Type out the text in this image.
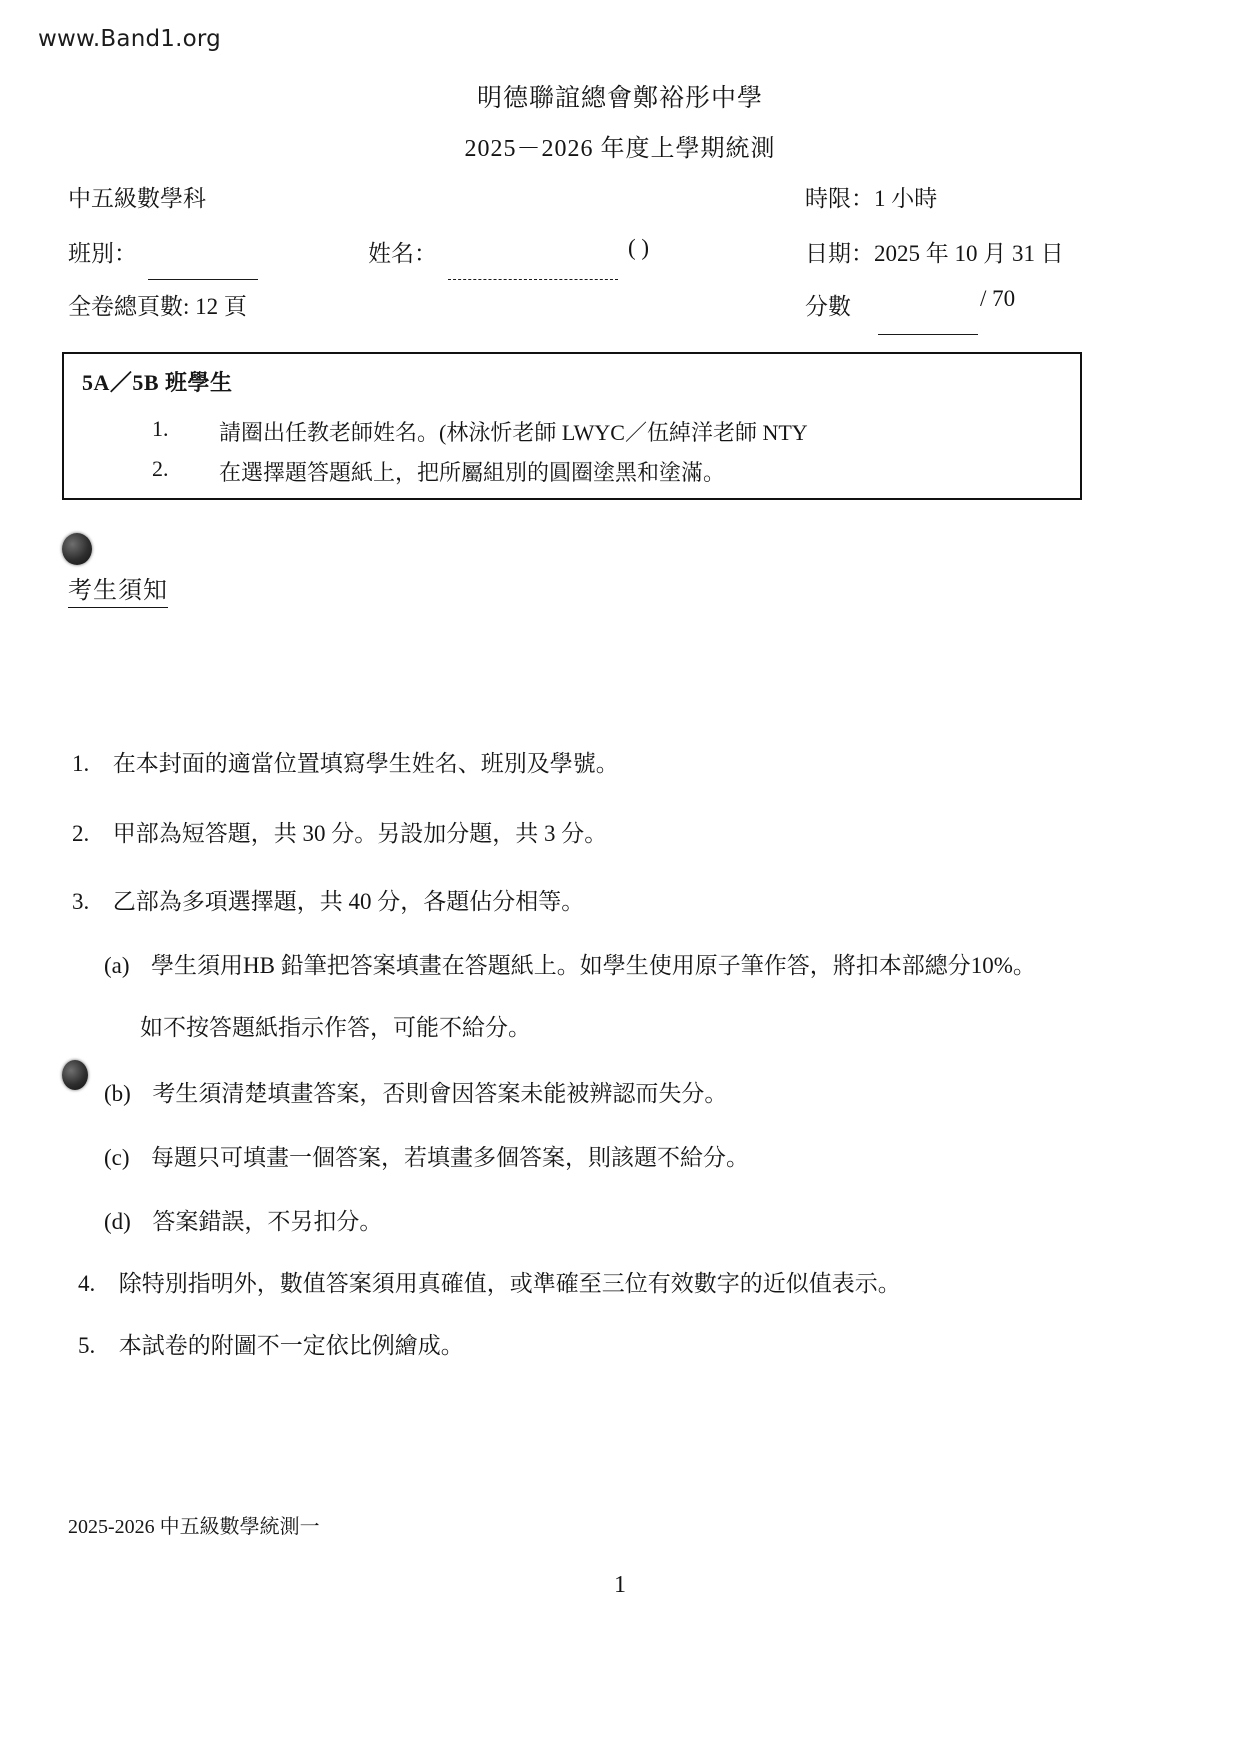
www.Band1.org
明德聯誼總會鄭裕彤中學
2025－2026 年度上學期統測
中五級數學科	時限：1 小時
班別：	姓名：	( )	日期：2025 年 10 月 31 日
全卷總頁數: 12 頁	分數	/ 70
5A／5B 班學生
1. 請圈出任教老師姓名。(林泳忻老師 LWYC／伍綽洋老師 NTY
2. 在選擇題答題紙上，把所屬組別的圓圈塗黑和塗滿。
考生須知
1. 在本封面的適當位置填寫學生姓名、班別及學號。
2. 甲部為短答題，共 30 分。另設加分題，共 3 分。
3. 乙部為多項選擇題，共 40 分，各題佔分相等。
(a) 學生須用HB 鉛筆把答案填畫在答題紙上。如學生使用原子筆作答，將扣本部總分10%。
如不按答題紙指示作答，可能不給分。
(b) 考生須清楚填畫答案，否則會因答案未能被辨認而失分。
(c) 每題只可填畫一個答案，若填畫多個答案，則該題不給分。
(d) 答案錯誤，不另扣分。
4. 除特別指明外，數值答案須用真確值，或準確至三位有效數字的近似值表示。
5. 本試卷的附圖不一定依比例繪成。
2025-2026 中五級數學統測一
1
